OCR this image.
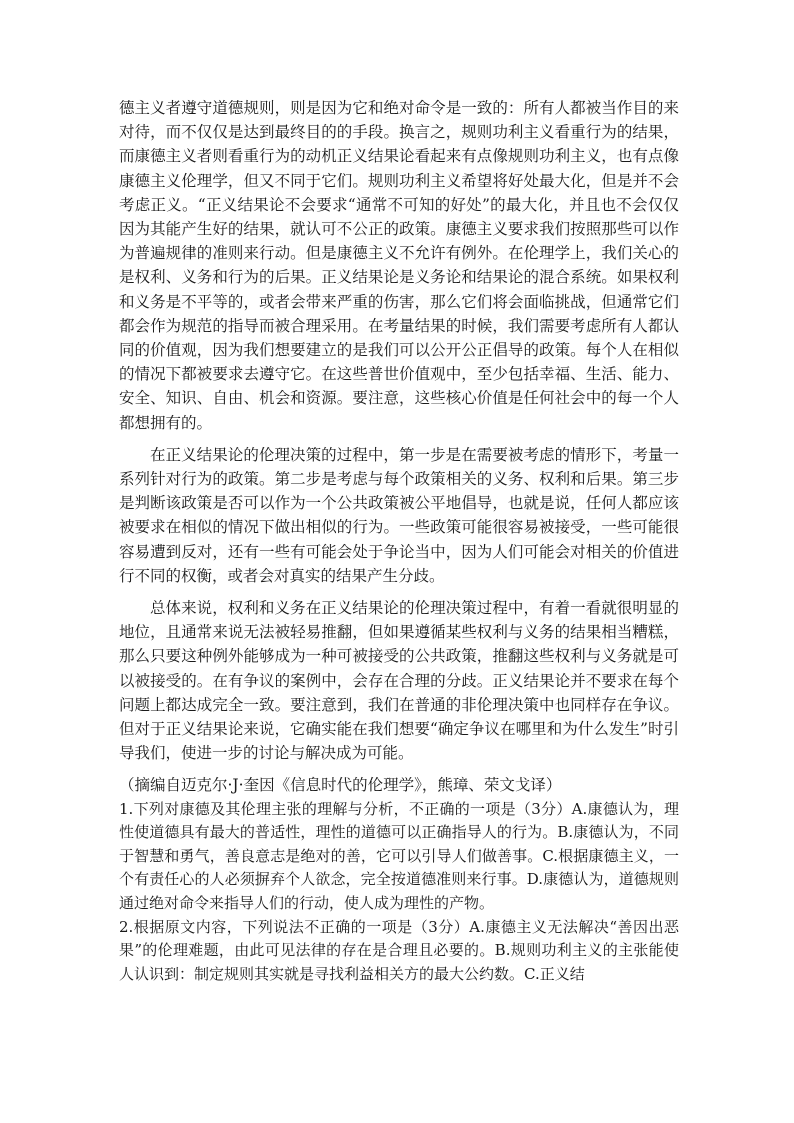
德主义者遵守道德规则，则是因为它和绝对命令是一致的：所有人都被当作目的来对待，而不仅仅是达到最终目的的手段。换言之，规则功利主义看重行为的结果，而康德主义者则看重行为的动机正义结果论看起来有点像规则功利主义，也有点像康德主义伦理学，但又不同于它们。规则功利主义希望将好处最大化，但是并不会考虑正义。“正义结果论不会要求“通常不可知的好处”的最大化，并且也不会仅仅因为其能产生好的结果，就认可不公正的政策。康德主义要求我们按照那些可以作为普遍规律的准则来行动。但是康德主义不允许有例外。在伦理学上，我们关心的是权利、义务和行为的后果。正义结果论是义务论和结果论的混合系统。如果权利和义务是不平等的，或者会带来严重的伤害，那么它们将会面临挑战，但通常它们都会作为规范的指导而被合理采用。在考量结果的时候，我们需要考虑所有人都认同的价值观，因为我们想要建立的是我们可以公开公正倡导的政策。每个人在相似的情况下都被要求去遵守它。在这些普世价值观中，至少包括幸福、生活、能力、安全、知识、自由、机会和资源。要注意，这些核心价值是任何社会中的每一个人都想拥有的。

在正义结果论的伦理决策的过程中，第一步是在需要被考虑的情形下，考量一系列针对行为的政策。第二步是考虑与每个政策相关的义务、权利和后果。第三步是判断该政策是否可以作为一个公共政策被公平地倡导，也就是说，任何人都应该被要求在相似的情况下做出相似的行为。一些政策可能很容易被接受，一些可能很容易遭到反对，还有一些有可能会处于争论当中，因为人们可能会对相关的价值进行不同的权衡，或者会对真实的结果产生分歧。

总体来说，权利和义务在正义结果论的伦理决策过程中，有着一看就很明显的地位，且通常来说无法被轻易推翻，但如果遵循某些权利与义务的结果相当糟糕，那么只要这种例外能够成为一种可被接受的公共政策，推翻这些权利与义务就是可以被接受的。在有争议的案例中，会存在合理的分歧。正义结果论并不要求在每个问题上都达成完全一致。要注意到，我们在普通的非伦理决策中也同样存在争议。但对于正义结果论来说，它确实能在我们想要“确定争议在哪里和为什么发生”时引导我们，使进一步的讨论与解决成为可能。

（摘编自迈克尔·J·奎因《信息时代的伦理学》，熊璋、荣文戈译）

1.下列对康德及其伦理主张的理解与分析，不正确的一项是（3分）A.康德认为，理性使道德具有最大的普适性，理性的道德可以正确指导人的行为。B.康德认为，不同于智慧和勇气，善良意志是绝对的善，它可以引导人们做善事。C.根据康德主义，一个有责任心的人必须摒弃个人欲念，完全按道德准则来行事。D.康德认为，道德规则通过绝对命令来指导人们的行动，使人成为理性的产物。

2.根据原文内容，下列说法不正确的一项是（3分）A.康德主义无法解决“善因出恶果”的伦理难题，由此可见法律的存在是合理且必要的。B.规则功利主义的主张能使人认识到：制定规则其实就是寻找利益相关方的最大公约数。C.正义结
